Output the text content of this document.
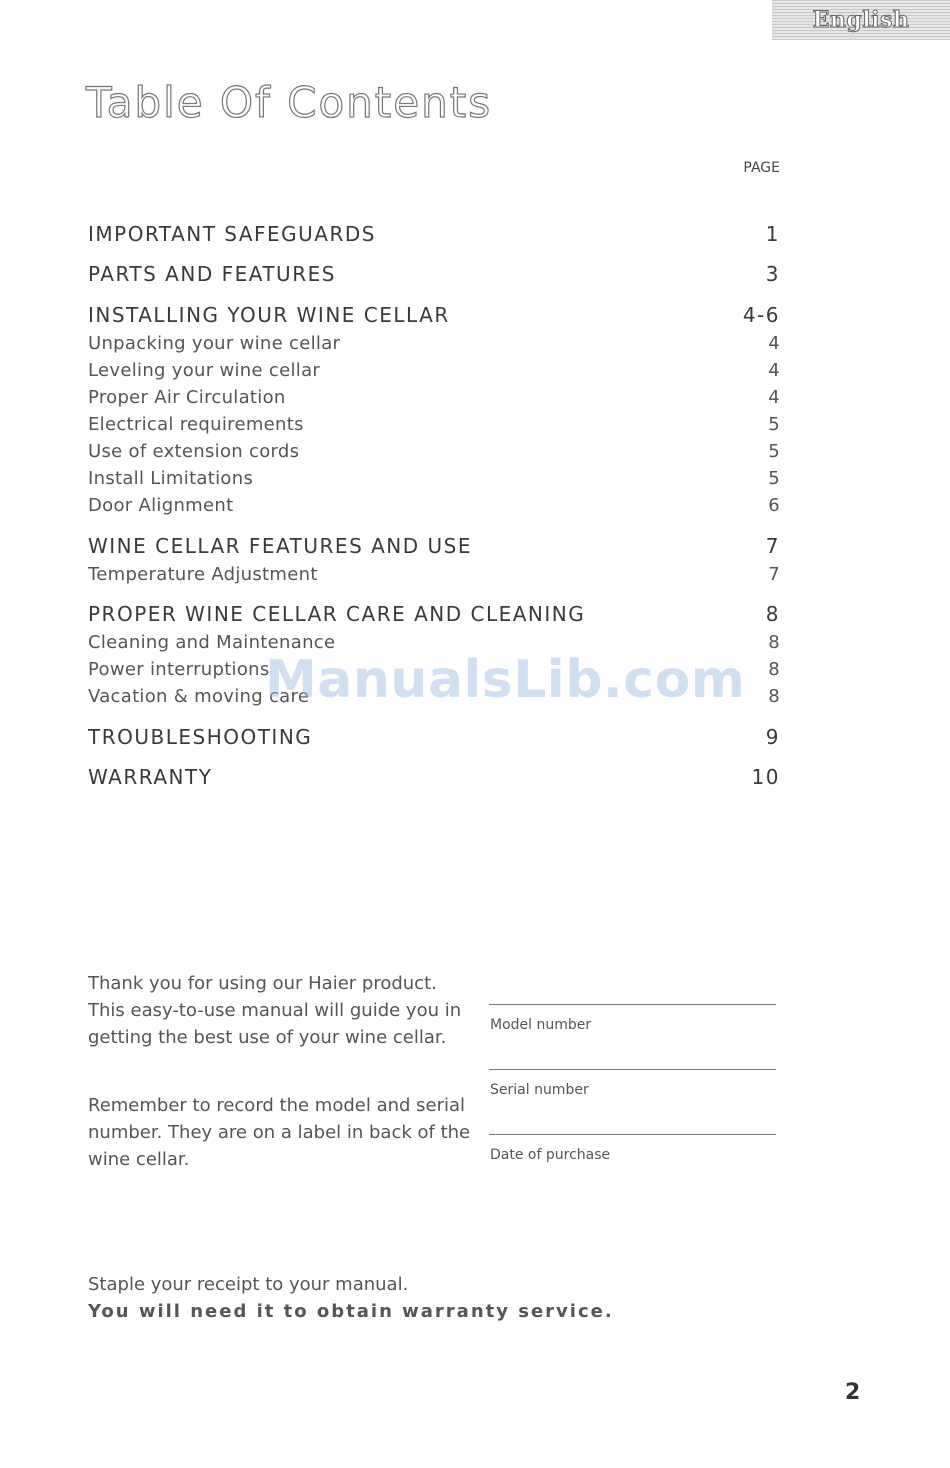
English
Table Of Contents
PAGE
IMPORTANT SAFEGUARDS	1
PARTS AND FEATURES	3
INSTALLING YOUR WINE CELLAR	4-6
Unpacking your wine cellar	4
Leveling your wine cellar	4
Proper Air Circulation	4
Electrical requirements	5
Use of extension cords	5
Install Limitations	5
Door Alignment	6
WINE CELLAR FEATURES AND USE	7
Temperature Adjustment	7
PROPER WINE CELLAR CARE AND CLEANING	8
Cleaning and Maintenance	8
Power interruptions	8
Vacation & moving care	8
TROUBLESHOOTING	9
WARRANTY	10

Thank you for using our Haier product. This easy-to-use manual will guide you in getting the best use of your wine cellar.

Remember to record the model and serial number. They are on a label in back of the wine cellar.

Model number
Serial number
Date of purchase

Staple your receipt to your manual.

You will need it to obtain warranty service.

2
ManualsLib.com
